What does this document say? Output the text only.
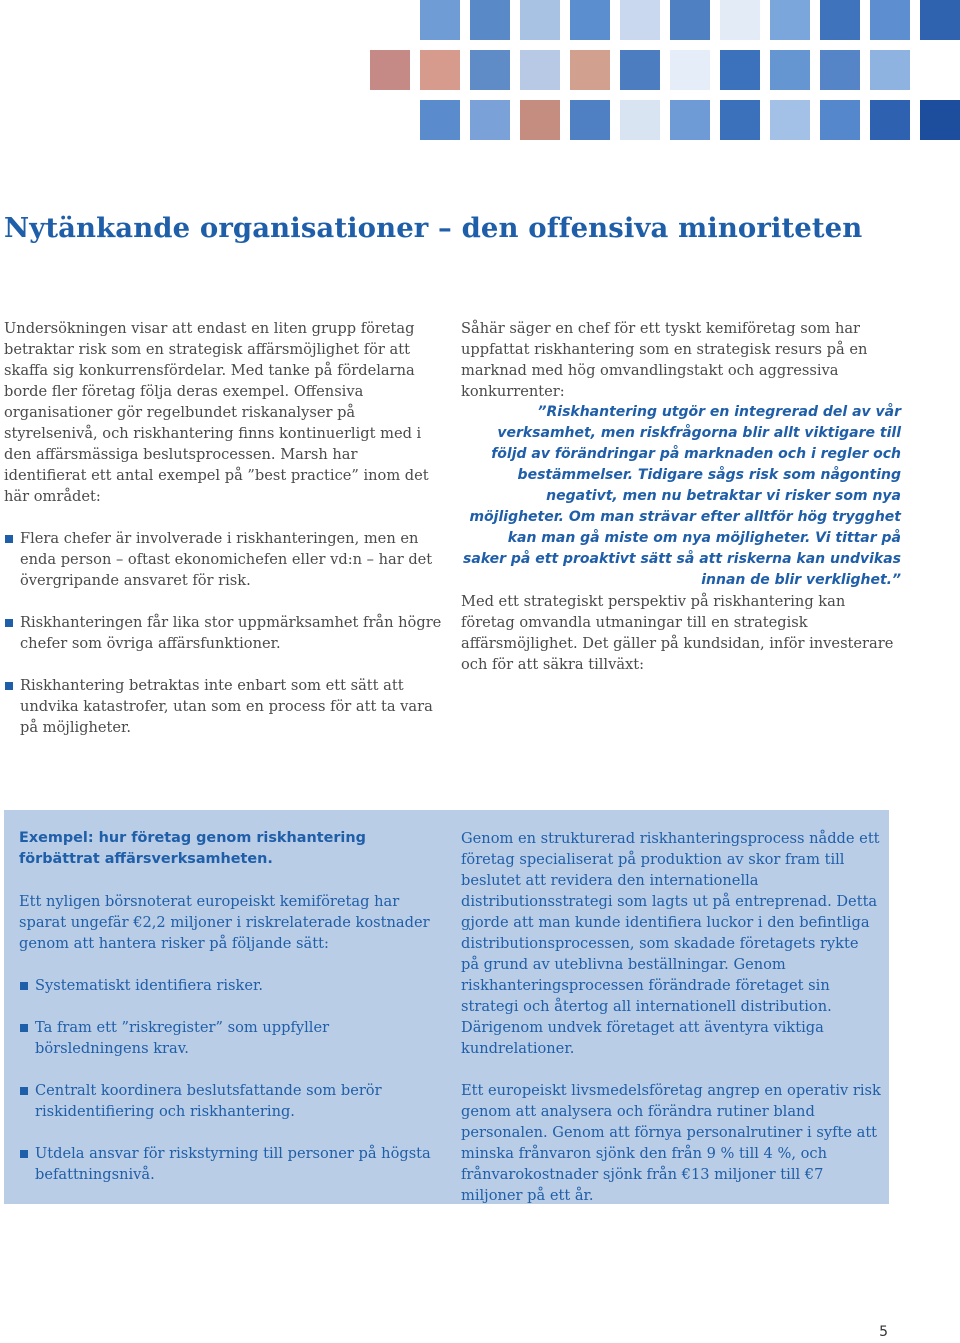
Nytänkande organisationer – den offensiva minoriteten

Undersökningen visar att endast en liten grupp företag betraktar risk som en strategisk affärsmöjlighet för att skaffa sig konkurrensfördelar. Med tanke på fördelarna borde fler företag följa deras exempel. Offensiva organisationer gör regelbundet riskanalyser på styrelsenivå, och riskhantering finns kontinuerligt med i den affärsmässiga beslutsprocessen. Marsh har identifierat ett antal exempel på ”best practice” inom det här området:

Flera chefer är involverade i riskhanteringen, men en enda person – oftast ekonomichefen eller vd:n – har det övergripande ansvaret för risk.
Riskhanteringen får lika stor uppmärksamhet från högre chefer som övriga affärsfunktioner.
Riskhantering betraktas inte enbart som ett sätt att undvika katastrofer, utan som en process för att ta vara på möjligheter.

Såhär säger en chef för ett tyskt kemiföretag som har uppfattat riskhantering som en strategisk resurs på en marknad med hög omvandlingstakt och aggressiva konkurrenter:

”Riskhantering utgör en integrerad del av vår verksamhet, men riskfrågorna blir allt viktigare till följd av förändringar på marknaden och i regler och bestämmelser. Tidigare sågs risk som någonting negativt, men nu betraktar vi risker som nya möjligheter. Om man strävar efter alltför hög trygghet kan man gå miste om nya möjligheter. Vi tittar på saker på ett proaktivt sätt så att riskerna kan undvikas innan de blir verklighet.”

Med ett strategiskt perspektiv på riskhantering kan företag omvandla utmaningar till en strategisk affärsmöjlighet. Det gäller på kundsidan, inför investerare och för att säkra tillväxt:

Exempel: hur företag genom riskhantering förbättrat affärsverksamheten.

Ett nyligen börsnoterat europeiskt kemiföretag har sparat ungefär €2,2 miljoner i riskrelaterade kostnader genom att hantera risker på följande sätt:

Systematiskt identifiera risker.
Ta fram ett ”riskregister” som uppfyller börsledningens krav.
Centralt koordinera beslutsfattande som berör riskidentifiering och riskhantering.
Utdela ansvar för riskstyrning till personer på högsta befattningsnivå.

Genom en strukturerad riskhanteringsprocess nådde ett företag specialiserat på produktion av skor fram till beslutet att revidera den internationella distributionsstrategi som lagts ut på entreprenad. Detta gjorde att man kunde identifiera luckor i den befintliga distributionsprocessen, som skadade företagets rykte på grund av uteblivna beställningar. Genom riskhanteringsprocessen förändrade företaget sin strategi och återtog all internationell distribution. Därigenom undvek företaget att äventyra viktiga kundrelationer.

Ett europeiskt livsmedelsföretag angrep en operativ risk genom att analysera och förändra rutiner bland personalen. Genom att förnya personalrutiner i syfte att minska frånvaron sjönk den från 9 % till 4 %, och frånvarokostnader sjönk från €13 miljoner till €7 miljoner på ett år.

5
